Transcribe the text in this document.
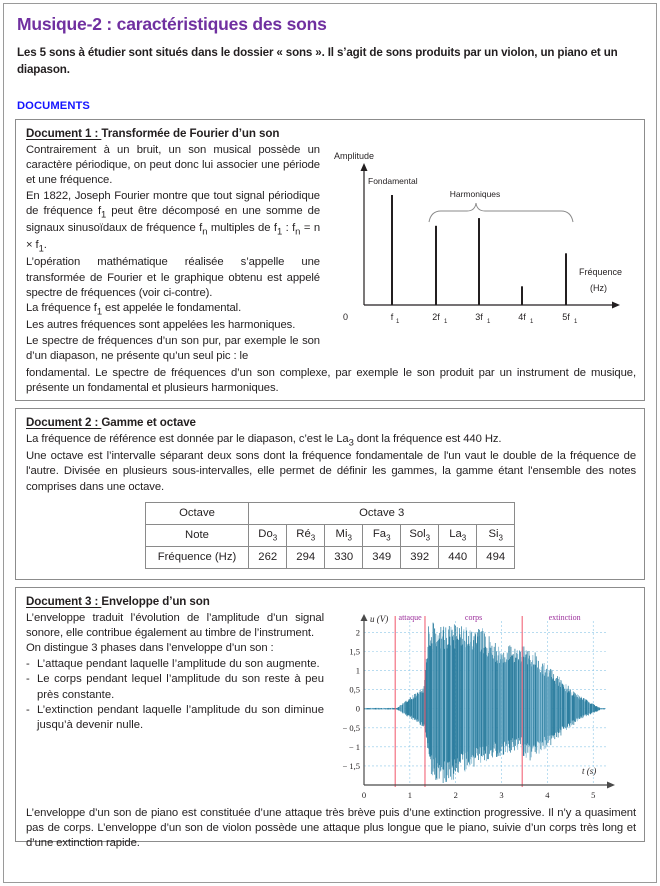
Musique-2 : caractéristiques des sons
Les 5 sons à étudier sont situés dans le dossier « sons ». Il s’agit de sons produits par un violon, un piano et un diapason.
DOCUMENTS
Document 1 : Transformée de Fourier d’un son

Contrairement à un bruit, un son musical possède un caractère périodique, on peut donc lui associer une période et une fréquence.

En 1822, Joseph Fourier montre que tout signal périodique de fréquence $f_1$ peut être décomposé en une somme de signaux sinusoïdaux de fréquence $f_n$ multiples de $f_1$ : $f_n = n \times f_1$.

L’opération mathématique réalisée s’appelle une transformée de Fourier et le graphique obtenu est appelé spectre de fréquences (voir ci-contre).

La fréquence $f_1$ est appelée le fondamental.

Les autres fréquences sont appelées les harmoniques.

Le spectre de fréquences d’un son pur, par exemple le son d’un diapason, ne présente qu’un seul pic : le

Amplitude
Fréquence
(Hz)
0	f 1	2f 1	3f 1	4f 1	5f 1
Fondamental
Harmoniques

fondamental. Le spectre de fréquences d’un son complexe, par exemple le son produit par un instrument de musique, présente un fondamental et plusieurs harmoniques.

Document 2 : Gamme et octave

La fréquence de référence est donnée par le diapason, c’est le $La_3$ dont la fréquence est 440 Hz.

Une octave est l’intervalle séparant deux sons dont la fréquence fondamentale de l'un vaut le double de la fréquence de l'autre. Divisée en plusieurs sous-intervalles, elle permet de définir les gammes, la gamme étant l'ensemble des notes comprises dans une octave.

Octave	Octave 3						
Note	$Do_3$	$Ré_3$	$Mi_3$	$Fa_3$	Sol$_3$	$La_3$	$Si_3$
Fréquence (Hz)	262	294	330	349	392	440	494
Document 3 : Enveloppe d’un son
L’enveloppe traduit l’évolution de l’amplitude d’un signal sonore, elle contribue également au timbre de l’instrument.
On distingue 3 phases dans l’enveloppe d’un son :
- L’attaque pendant laquelle l’amplitude du son augmente.
- Le corps pendant lequel l’amplitude du son reste à peu près constante.
- L’extinction pendant laquelle l’amplitude du son diminue jusqu’à devenir nulle.
attaque	corps	extinction
u (V)
t (s)
2
1,5
1
0,5
0
− 0,5
− 1
− 1,5
0	1	2	3	4	5

L’enveloppe d’un son de piano est constituée d’une attaque très brève puis d’une extinction progressive. Il n’y a quasiment pas de corps. L’enveloppe d’un son de violon possède une attaque plus longue que le piano, suivie d’un corps très long et d’une extinction rapide.
